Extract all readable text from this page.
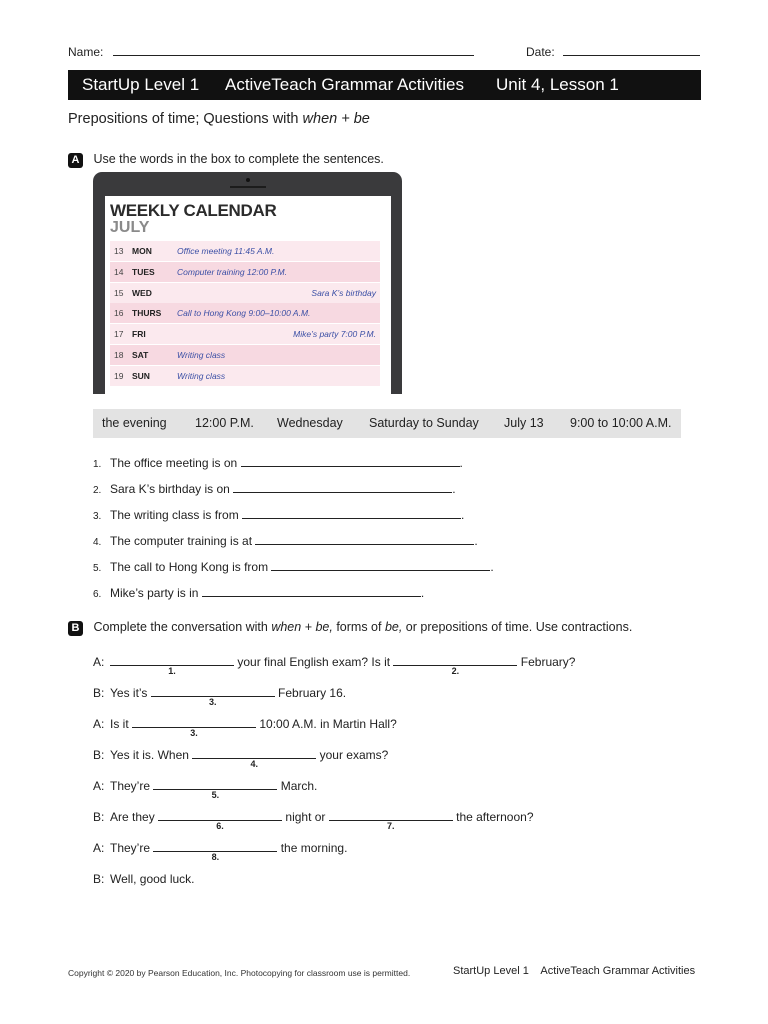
Name:	Date:
StartUp Level 1 ActiveTeach Grammar Activities Unit 4, Lesson 1
Prepositions of time; Questions with when + be
A Use the words in the box to complete the sentences.
WEEKLY CALENDAR
JULY
13 MON	Office meeting 11:45 A.M.
14 TUES	Computer training 12:00 P.M.
15 WED	Sara K’s birthday
16 THURS Call to Hong Kong 9:00–10:00 A.M.
17 FRI	Mike’s party 7:00 P.M.
18 SAT	Writing class
19 SUN	Writing class
the evening 12:00 P.M. Wednesday Saturday to Sunday July 13 9:00 to 10:00 A.M.
1. The office meeting is on	.
2. Sara K’s birthday is on	.
3. The writing class is from	.
4. The computer training is at	.
5. The call to Hong Kong is from	.
6. Mike’s party is in	.
B Complete the conversation with when + be, forms of be, or prepositions of time. Use contractions.
A:
1.
your final English exam? Is it
2.
February?
B: Yes it’s
3.
February 16.
A: Is it
3.
10:00 A.M. in Martin Hall?
B: Yes it is. When
4.
your exams?
A: They’re
5.
March.
B: Are they
6.
night or
7.
the afternoon?
A: They’re
8.
the morning.
B: Well, good luck.
Copyright © 2020 by Pearson Education, Inc. Photocopying for classroom use is permitted.	StartUp Level 1    ActiveTeach Grammar Activities
